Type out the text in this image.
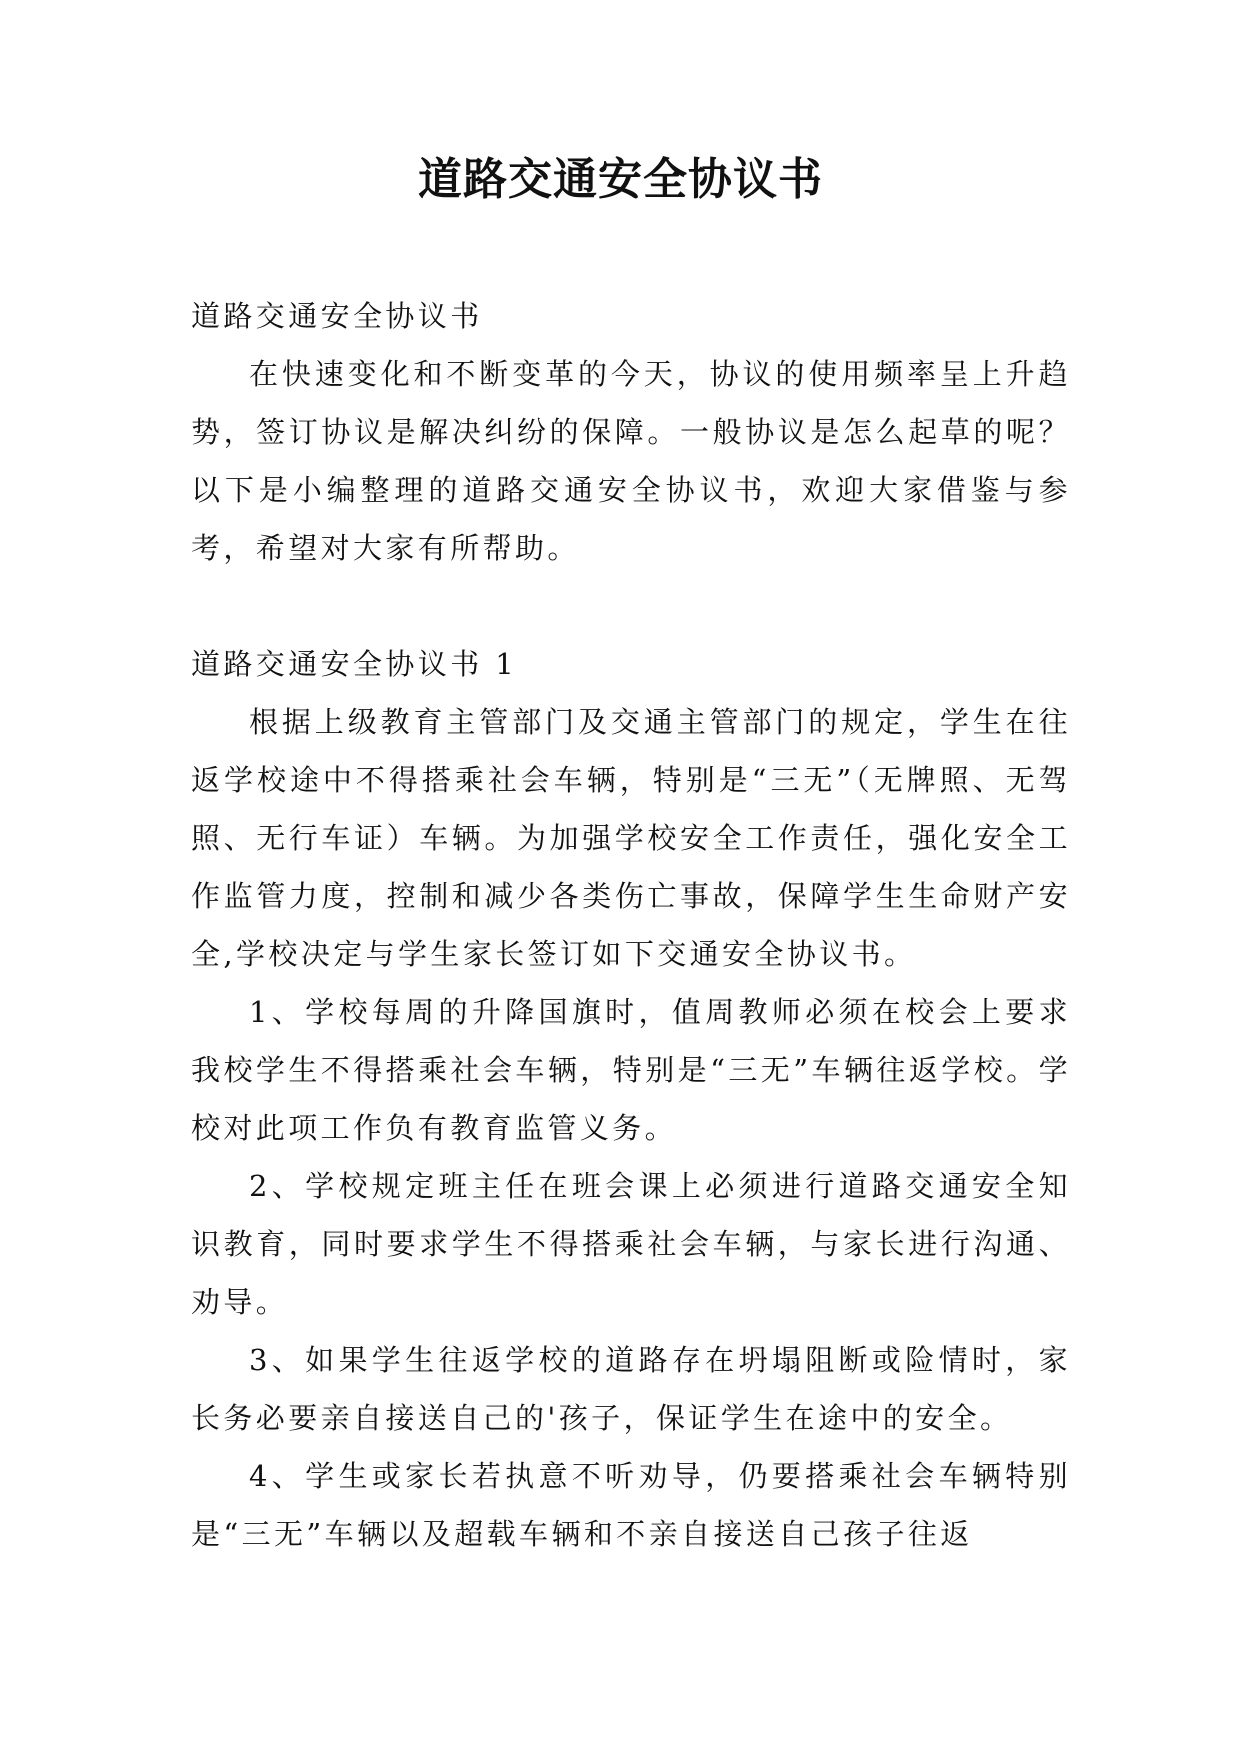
道路交通安全协议书

道路交通安全协议书

在快速变化和不断变革的今天，协议的使用频率呈上升趋势，签订协议是解决纠纷的保障。一般协议是怎么起草的呢？以下是小编整理的道路交通安全协议书，欢迎大家借鉴与参考，希望对大家有所帮助。

道路交通安全协议书 1

根据上级教育主管部门及交通主管部门的规定，学生在往返学校途中不得搭乘社会车辆，特别是“三无”（无牌照、无驾照、无行车证）车辆。为加强学校安全工作责任，强化安全工作监管力度，控制和减少各类伤亡事故，保障学生生命财产安全,学校决定与学生家长签订如下交通安全协议书。

1、学校每周的升降国旗时，值周教师必须在校会上要求我校学生不得搭乘社会车辆，特别是“三无”车辆往返学校。学校对此项工作负有教育监管义务。

2、学校规定班主任在班会课上必须进行道路交通安全知识教育，同时要求学生不得搭乘社会车辆，与家长进行沟通、劝导。

3、如果学生往返学校的道路存在坍塌阻断或险情时，家长务必要亲自接送自己的'孩子，保证学生在途中的安全。

4、学生或家长若执意不听劝导，仍要搭乘社会车辆特别是“三无”车辆以及超载车辆和不亲自接送自己孩子往返
